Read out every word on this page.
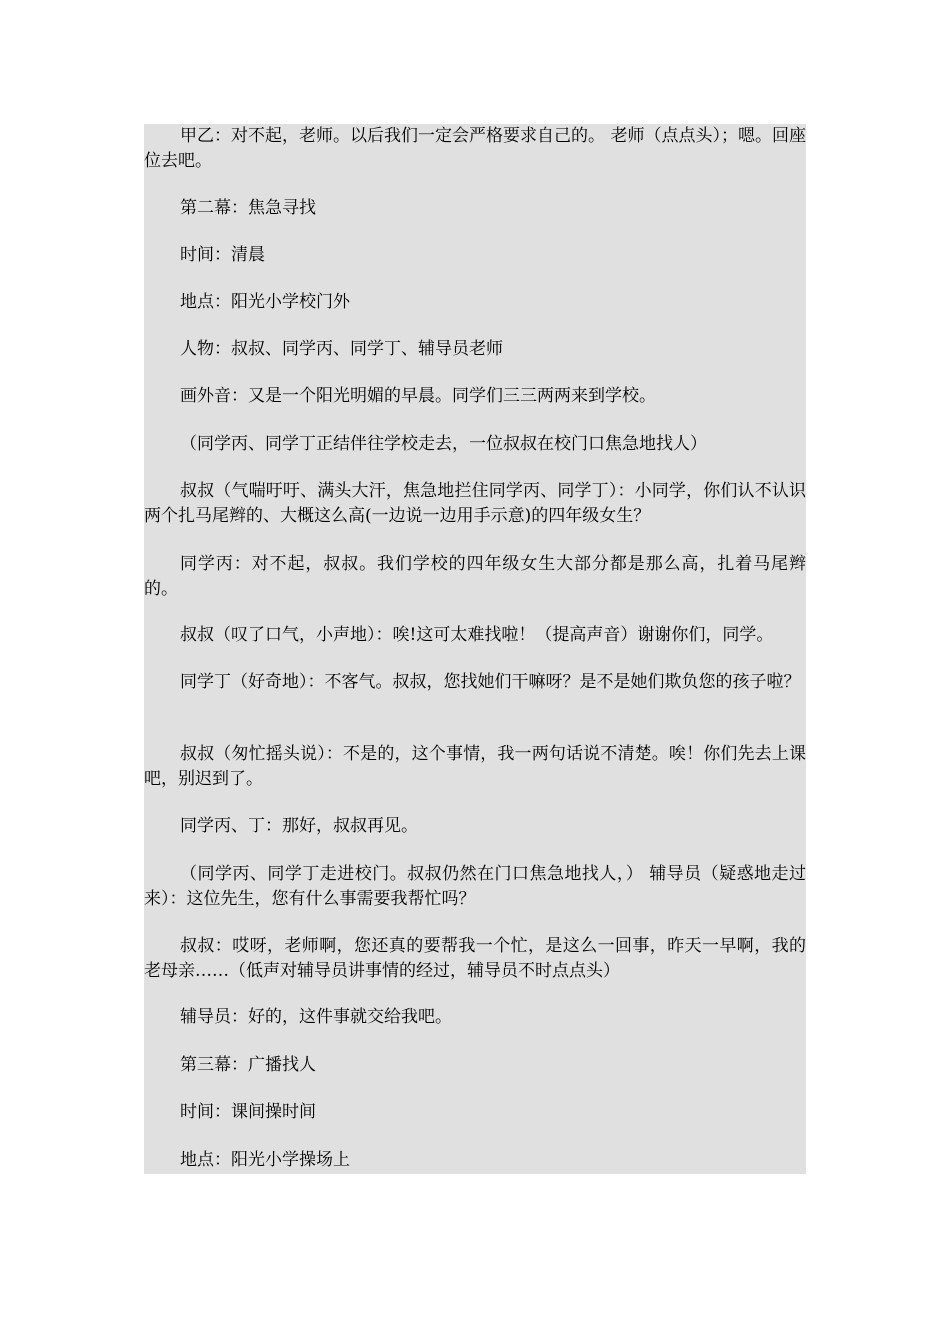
甲乙：对不起，老师。以后我们一定会严格要求自己的。 老师（点点头）；嗯。回座位去吧。

第二幕：焦急寻找

时间：清晨

地点：阳光小学校门外

人物：叔叔、同学丙、同学丁、辅导员老师

画外音：又是一个阳光明媚的早晨。同学们三三两两来到学校。

（同学丙、同学丁正结伴往学校走去，一位叔叔在校门口焦急地找人）

叔叔（气喘吁吁、满头大汗，焦急地拦住同学丙、同学丁）：小同学，你们认不认识两个扎马尾辫的、大概这么高(一边说一边用手示意)的四年级女生？

同学丙：对不起，叔叔。我们学校的四年级女生大部分都是那么高，扎着马尾辫的。

叔叔（叹了口气，小声地）：唉!这可太难找啦！（提高声音）谢谢你们，同学。

同学丁（好奇地）：不客气。叔叔，您找她们干嘛呀？是不是她们欺负您的孩子啦？

叔叔（匆忙摇头说）：不是的，这个事情，我一两句话说不清楚。唉！你们先去上课吧，别迟到了。

同学丙、丁：那好，叔叔再见。

（同学丙、同学丁走进校门。叔叔仍然在门口焦急地找人，） 辅导员（疑惑地走过来）：这位先生，您有什么事需要我帮忙吗？

叔叔：哎呀，老师啊，您还真的要帮我一个忙，是这么一回事，昨天一早啊，我的老母亲……（低声对辅导员讲事情的经过，辅导员不时点点头）

辅导员：好的，这件事就交给我吧。

第三幕：广播找人

时间：课间操时间

地点：阳光小学操场上
